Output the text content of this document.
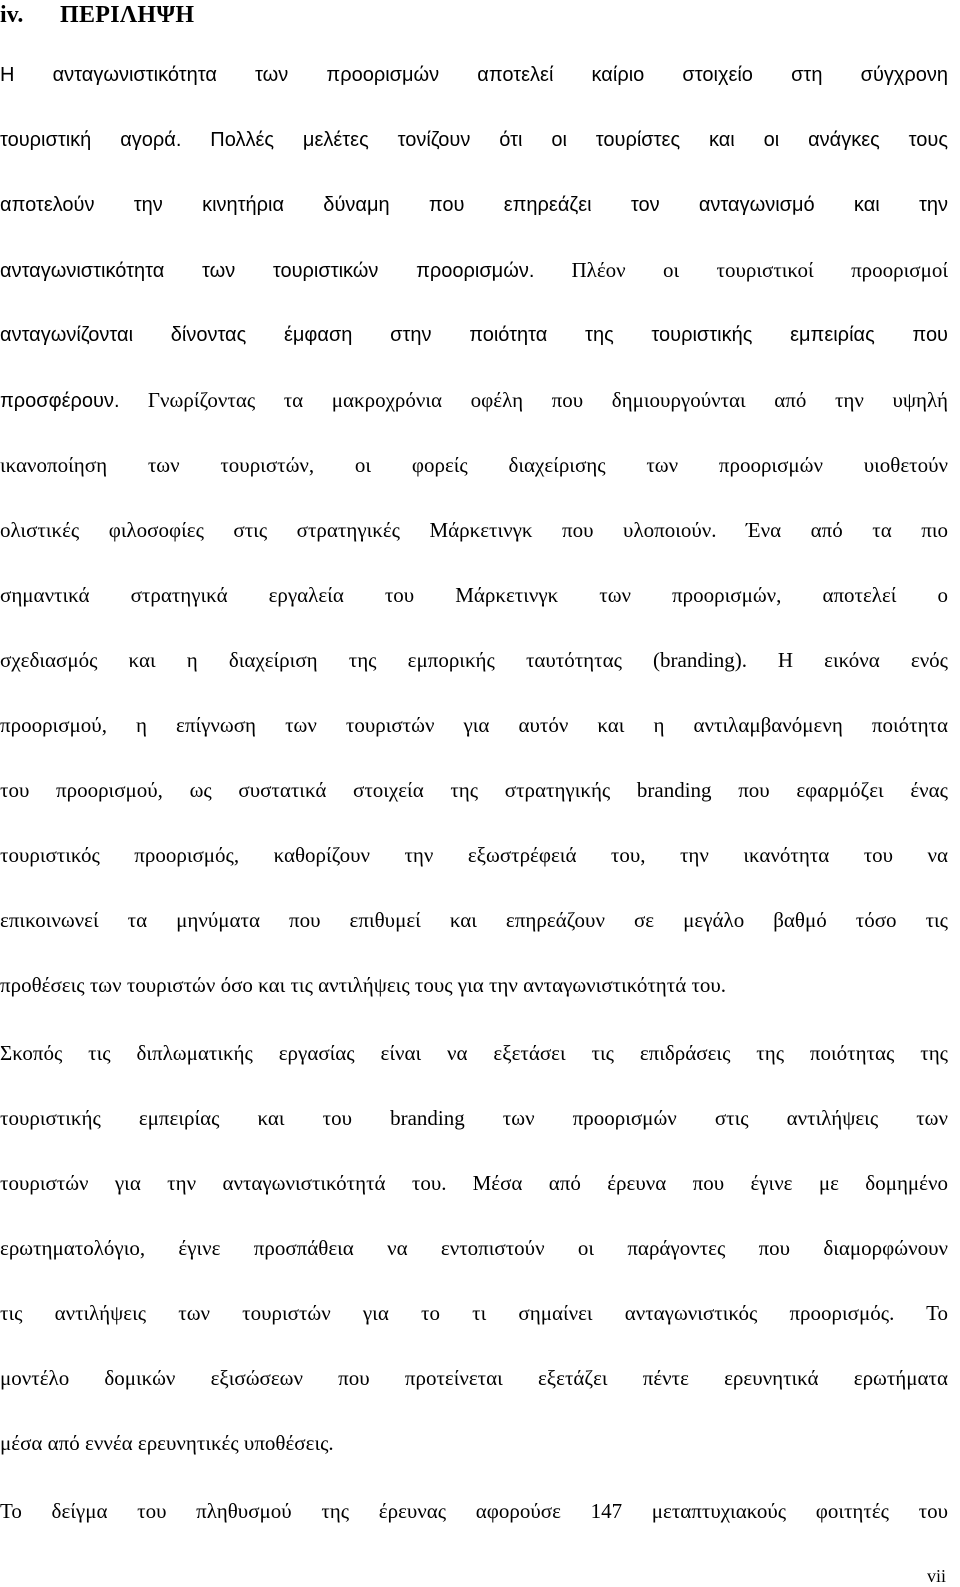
iv. ΠΕΡΙΛΗΨΗ
Η ανταγωνιστικότητα των προορισμών αποτελεί καίριο στοιχείο στη σύγχρονη
τουριστική αγορά. Πολλές μελέτες τονίζουν ότι οι τουρίστες και οι ανάγκες τους
αποτελούν την κινητήρια δύναμη που επηρεάζει τον ανταγωνισμό και την
ανταγωνιστικότητα των τουριστικών προορισμών. Πλέον οι τουριστικοί προορισμοί
ανταγωνίζονται δίνοντας έμφαση στην ποιότητα της τουριστικής εμπειρίας που
προσφέρουν. Γνωρίζοντας τα μακροχρόνια οφέλη που δημιουργούνται από την υψηλή
ικανοποίηση των τουριστών, οι φορείς διαχείρισης των προορισμών υιοθετούν
ολιστικές φιλοσοφίες στις στρατηγικές Μάρκετινγκ που υλοποιούν. Ένα από τα πιο
σημαντικά στρατηγικά εργαλεία του Μάρκετινγκ των προορισμών, αποτελεί ο
σχεδιασμός και η διαχείριση της εμπορικής ταυτότητας (branding). Η εικόνα ενός
προορισμού, η επίγνωση των τουριστών για αυτόν και η αντιλαμβανόμενη ποιότητα
του προορισμού, ως συστατικά στοιχεία της στρατηγικής branding που εφαρμόζει ένας
τουριστικός προορισμός, καθορίζουν την εξωστρέφειά του, την ικανότητα του να
επικοινωνεί τα μηνύματα που επιθυμεί και επηρεάζουν σε μεγάλο βαθμό τόσο τις
προθέσεις των τουριστών όσο και τις αντιλήψεις τους για την ανταγωνιστικότητά του.
Σκοπός τις διπλωματικής εργασίας είναι να εξετάσει τις επιδράσεις της ποιότητας της
τουριστικής εμπειρίας και του branding των προορισμών στις αντιλήψεις των
τουριστών για την ανταγωνιστικότητά του. Μέσα από έρευνα που έγινε με δομημένο
ερωτηματολόγιο, έγινε προσπάθεια να εντοπιστούν οι παράγοντες που διαμορφώνουν
τις αντιλήψεις των τουριστών για το τι σημαίνει ανταγωνιστικός προορισμός. Το
μοντέλο δομικών εξισώσεων που προτείνεται εξετάζει πέντε ερευνητικά ερωτήματα
μέσα από εννέα ερευνητικές υποθέσεις.
Το δείγμα του πληθυσμού της έρευνας αφορούσε 147 μεταπτυχιακούς φοιτητές του
vii
